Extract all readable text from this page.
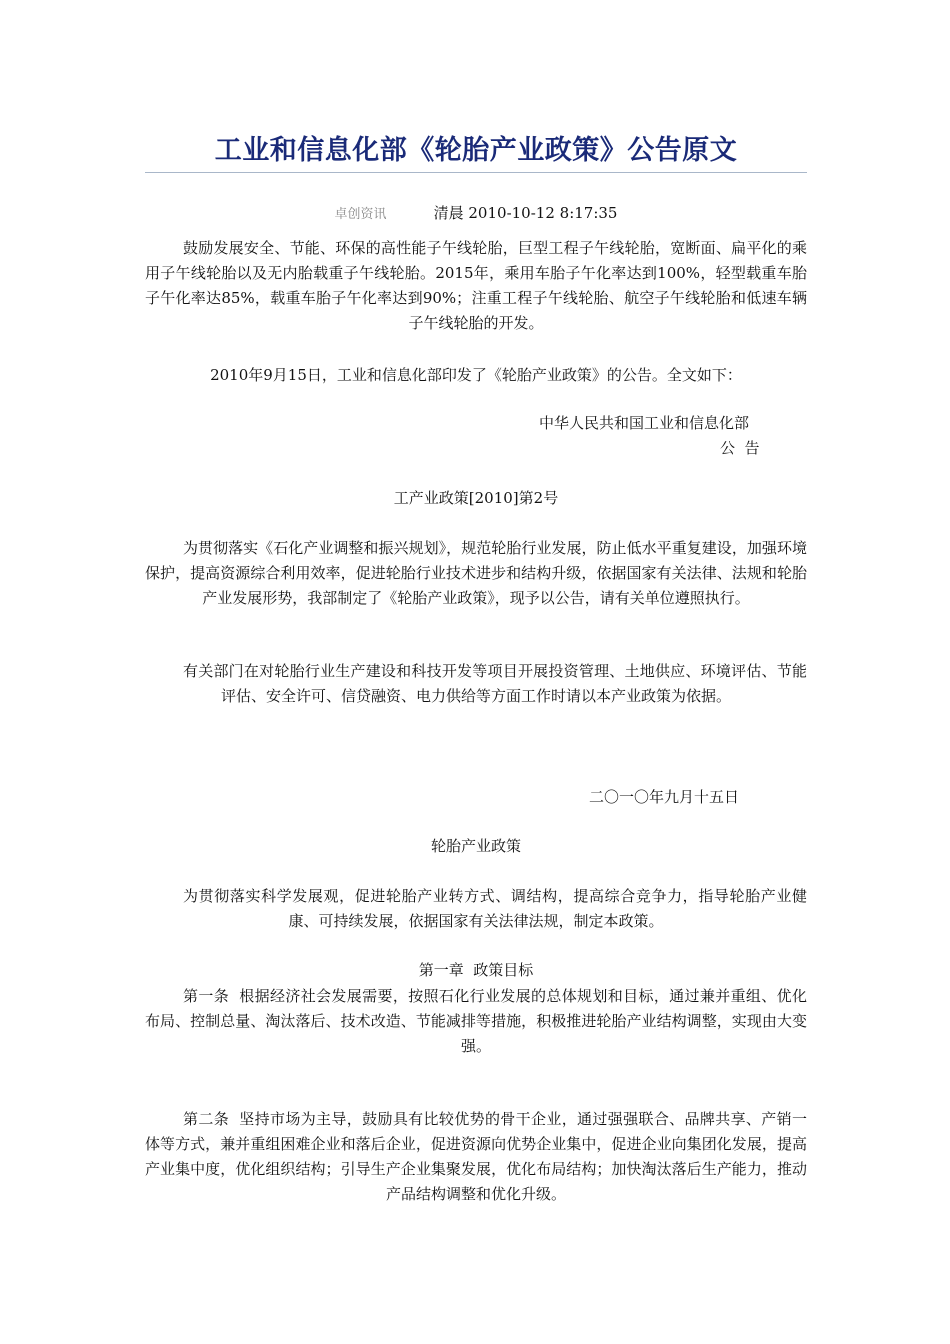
工业和信息化部《轮胎产业政策》公告原文
卓创资讯	清晨 2010-10-12 8:17:35
鼓励发展安全、节能、环保的高性能子午线轮胎，巨型工程子午线轮胎，宽断面、扁平化的乘用子午线轮胎以及无内胎载重子午线轮胎。2015年，乘用车胎子午化率达到100%，轻型载重车胎子午化率达85%，载重车胎子午化率达到90%；注重工程子午线轮胎、航空子午线轮胎和低速车辆子午线轮胎的开发。
2010年9月15日，工业和信息化部印发了《轮胎产业政策》的公告。全文如下：
中华人民共和国工业和信息化部
公  告
工产业政策[2010]第2号
为贯彻落实《石化产业调整和振兴规划》，规范轮胎行业发展，防止低水平重复建设，加强环境保护，提高资源综合利用效率，促进轮胎行业技术进步和结构升级，依据国家有关法律、法规和轮胎产业发展形势，我部制定了《轮胎产业政策》，现予以公告，请有关单位遵照执行。
有关部门在对轮胎行业生产建设和科技开发等项目开展投资管理、土地供应、环境评估、节能评估、安全许可、信贷融资、电力供给等方面工作时请以本产业政策为依据。
二〇一〇年九月十五日
轮胎产业政策
为贯彻落实科学发展观，促进轮胎产业转方式、调结构，提高综合竞争力，指导轮胎产业健康、可持续发展，依据国家有关法律法规，制定本政策。
第一章  政策目标
第一条  根据经济社会发展需要，按照石化行业发展的总体规划和目标，通过兼并重组、优化布局、控制总量、淘汰落后、技术改造、节能减排等措施，积极推进轮胎产业结构调整，实现由大变强。
第二条  坚持市场为主导，鼓励具有比较优势的骨干企业，通过强强联合、品牌共享、产销一体等方式，兼并重组困难企业和落后企业，促进资源向优势企业集中，促进企业向集团化发展，提高产业集中度，优化组织结构；引导生产企业集聚发展，优化布局结构；加快淘汰落后生产能力，推动产品结构调整和优化升级。
